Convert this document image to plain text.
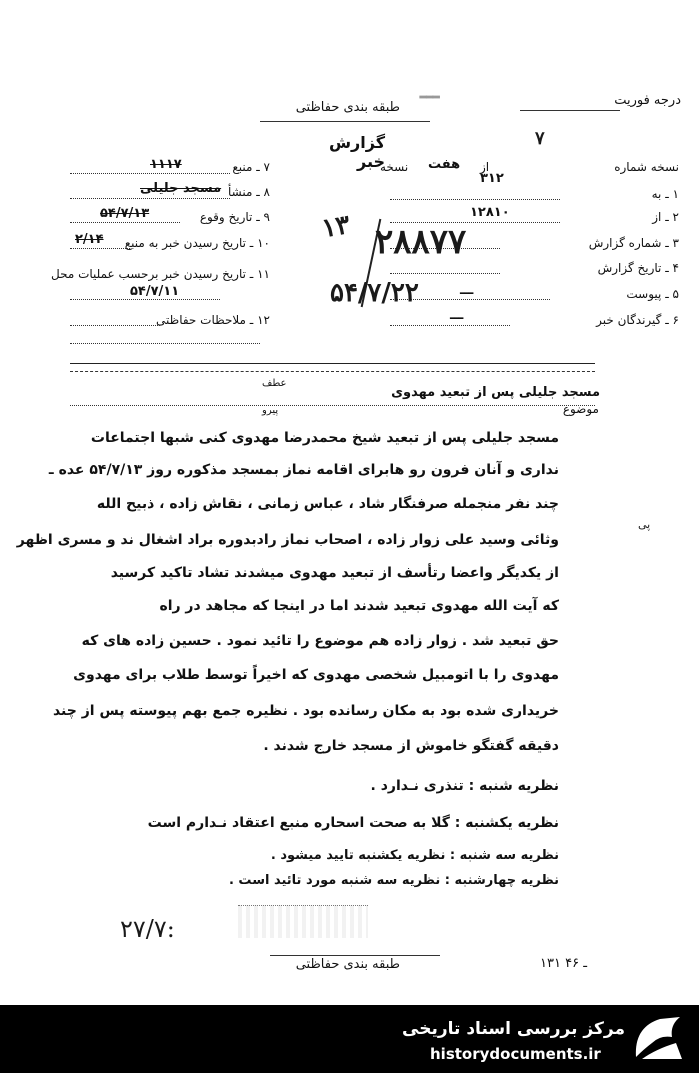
درجه فوریت
طبقه بندی حفاظتی
ـــ
گزارش خبر	نسخه شماره
از
هفت
نسخه
۷
۱ ـ به
۳۱۲
۲ ـ از
۱۲۸۱۰
۳ ـ شماره گزارش
۴ ـ تاریخ گزارش
۵ ـ پیوست
ـــ
۶ ـ گیرندگان خبر
ـــ
۷ ـ منبع
۱۱۱۷
۸ ـ منشأ
مسجد جلیلی
۹ ـ تاریخ وقوع
۵۴/۷/۱۳
۱۰ ـ تاریخ رسیدن خبر به منبع
۲/۱۴
۱۱ ـ تاریخ رسیدن خبر برحسب عملیات محل
۵۴/۷/۱۱
۱۲ ـ ملاحظات حفاظتی
۱۳ ۲۸۸۷۷
۵۴/۷/۲۲
موضوع
مسجد جلیلی پس از تبعید مهدوی
عطف
پیرو
مسجد جلیلی پس از تبعید شیخ محمدرضا مهدوی کنی شبها اجتماعات
نداری و آنان فرون رو هابرای اقامه نماز بمسجد مذکوره روز ۵۴/۷/۱۳ عده ـ
چند نفر منجمله صرفنگار شاد ، عباس زمانی ، نقاش زاده ، ذبیح الله
وثائی وسید علی زوار زاده ، اصحاب نماز رادبدوره براد اشغال ند و مسری اظهر
از یکدیگر واعضا رتأسف از تبعید مهدوی میشدند تشاد تاکید کرسید
که آیت الله مهدوی تبعید شدند اما در اینجا که مجاهد در راه
حق تبعید شد . زوار زاده هم موضوع را تائید نمود . حسین زاده های که
مهدوی را با اتومبیل شخصی مهدوی که اخیراً توسط طلاب برای مهدوی
خریداری شده بود به مکان رسانده بود . نظیره جمع بهم پیوسته پس از چند
دقیقه گفتگو خاموش از مسجد خارج شدند .
نظریه شنبه : تنذری نـدارد .
نظریه یکشنبه : گلا به صحت اسحاره منبع اعتقاد نـدارم است
نظریه سه شنبه : نظریه یکشنبه تایید میشود .
نظریه چهارشنبه : نظریه سه شنبه مورد تائید است .
پی
۲۷/۷:
طبقه بندی حفاظتی	۱۳۱ ـ ۴۶
مرکز بررسی اسناد تاریخی
historydocuments.ir
